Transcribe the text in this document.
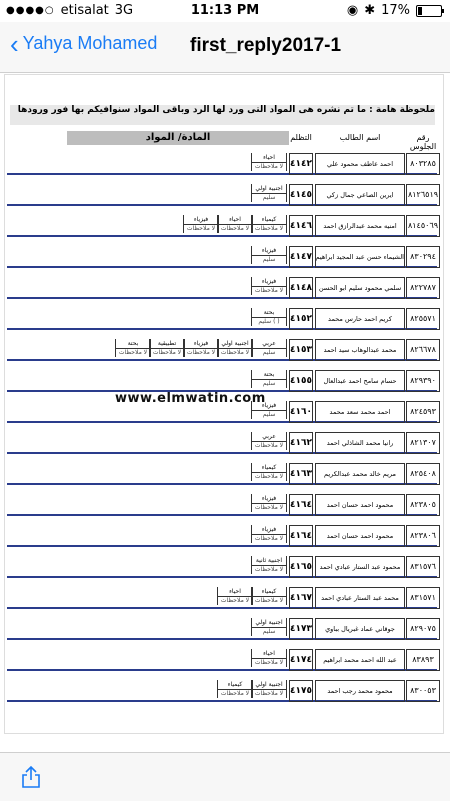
●●●●○ etisalat 3G	11:13 PM	◉ ✱ 17%
‹ Yahya Mohamed first_reply2017-1
ملحوظة هامة : ما تم نشره هى المواد التى ورد لها الرد وباقى المواد سنوافيكم بها فور ورودها
رقم الجلوس
اسم الطالب
التظلم
المادة/ المواد
٤١٤٢	احمد عاطف محمود علي	٨٠٣٢٨٥
احياء
لا ملاحظات
٤١٤٥	ايرين الصاعي جمال زكي	٨١٢٦٥١٩
اجنبية اولي
سليم
٤١٤٦	امنيه محمد عبدالرازق احمد	٨١٤٥٠٦٩
كيمياء
لا ملاحظات
احياء
لا ملاحظات
فيزياء
لا ملاحظات
٤١٤٧ الشيماء حسن عبد المجيد ابراهيم ٨٣٠٢٩٤
فيزياء
سليم
٤١٤٨	سلمي محمود سليم ابو الحسن	٨٢٢٧٨٧
فيزياء
لا ملاحظات
٤١٥٢	كريم احمد حارس محمد	٨٢٥٥٧١
بحتة
سليم ( )
٤١٥٣	محمد عبدالوهاب سيد احمد	٨٢٦٦٧٨
عربي
سليم
اجنبية اولي
لا ملاحظات
فيزياء
لا ملاحظات
تطبيقية
لا ملاحظات
بحتة
لا ملاحظات
٤١٥٥	حسام سامح احمد عبدالعال	٨٢٩٣٩٠
بحتة
سليم
٤١٦٠	احمد محمد سعد محمد	٨٢٤٥٩٣
فيزياء
سليم
٤١٦٢	رانيا محمد الشاذلي احمد	٨٢١٣٠٧
عربي
لا ملاحظات
٤١٦٣	مريم خالد محمد عبدالكريم	٨٢٥٤٠٨
كيمياء
لا ملاحظات
٤١٦٤	محمود احمد حسان احمد	٨٢٣٨٠٥
فيزياء
لا ملاحظات
٤١٦٤	محمود احمد حسان احمد	٨٢٣٨٠٦
فيزياء
لا ملاحظات
٤١٦٥	محمود عبد الستار عبادي احمد	٨٣١٥٧٦
اجنبية ثانية
لا ملاحظات
٤١٦٧	محمد عبد الستار عبادي احمد	٨٣١٥٧١
كيمياء
لا ملاحظات
احياء
لا ملاحظات
٤١٧٣	جوقاني عماد غبريال بباوي	٨٢٩٠٧٥
اجنبية اولي
سليم
٤١٧٤	عبد الله احمد محمد ابراهيم	٨٣٨٩٣
احياء
لا ملاحظات
٤١٧٥	محمود محمد رجب احمد	٨٣٠٠٥٣
اجنبية اولي
لا ملاحظات
كيمياء
لا ملاحظات
www.elmwatin.com
